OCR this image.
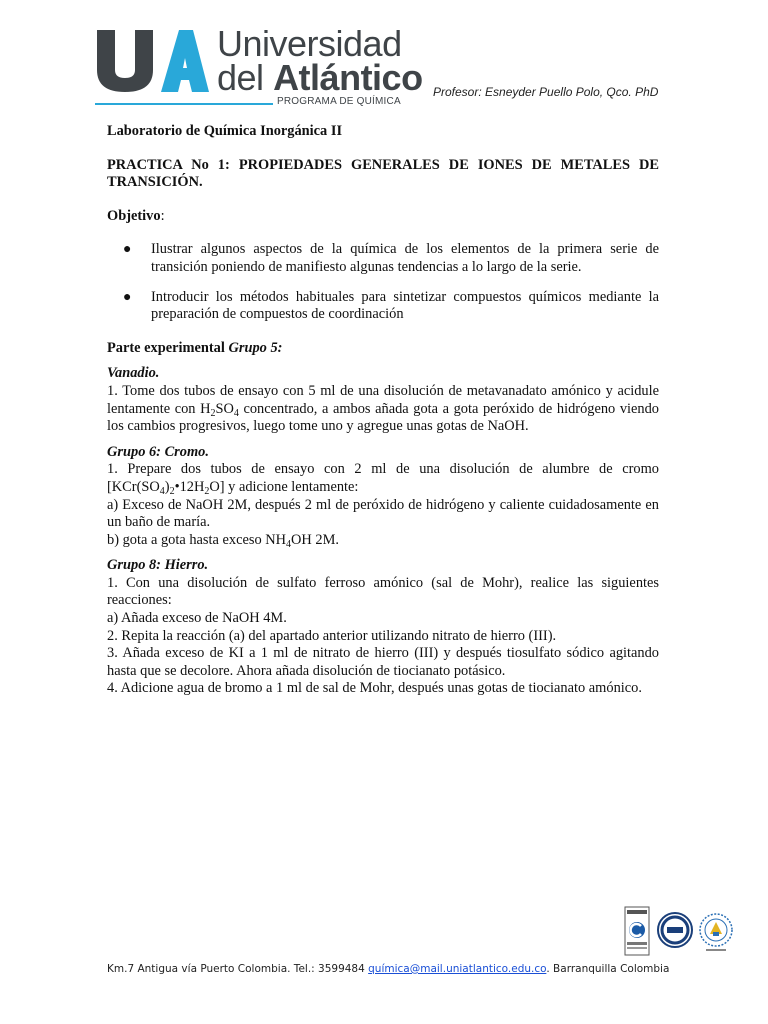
Universidad
del Atlántico
PROGRAMA DE QUÍMICA
Profesor: Esneyder Puello Polo, Qco. PhD

Laboratorio de Química Inorgánica II

PRACTICA No 1: PROPIEDADES GENERALES DE IONES DE METALES DE TRANSICIÓN.

Objetivo:

● Ilustrar algunos aspectos de la química de los elementos de la primera serie de transición poniendo de manifiesto algunas tendencias a lo largo de la serie.
● Introducir los métodos habituales para sintetizar compuestos químicos mediante la preparación de compuestos de coordinación

Parte experimental Grupo 5:

Vanadio.

1. Tome dos tubos de ensayo con 5 ml de una disolución de metavanadato amónico y acidule lentamente con $H_2SO_4$ concentrado, a ambos añada gota a gota peróxido de hidrógeno viendo los cambios progresivos, luego tome uno y agregue unas gotas de NaOH.

Grupo 6: Cromo.

1. Prepare dos tubos de ensayo con 2 ml de una disolución de alumbre de cromo $[KCr(SO_4)_2•12H_2O]$ y adicione lentamente:

a) Exceso de NaOH 2M, después 2 ml de peróxido de hidrógeno y caliente cuidadosamente en un baño de maría.

b) gota a gota hasta exceso $NH_4OH$ 2M.

Grupo 8: Hierro.

1. Con una disolución de sulfato ferroso amónico (sal de Mohr), realice las siguientes reacciones:

a) Añada exceso de NaOH 4M.

2. Repita la reacción (a) del apartado anterior utilizando nitrato de hierro (III).

3. Añada exceso de KI a 1 ml de nitrato de hierro (III) y después tiosulfato sódico agitando hasta que se decolore. Ahora añada disolución de tiocianato potásico.

4. Adicione agua de bromo a 1 ml de sal de Mohr, después unas gotas de tiocianato amónico.

Km.7 Antigua vía Puerto Colombia. Tel.: 3599484 química@mail.uniatlantico.edu.co. Barranquilla Colombia
